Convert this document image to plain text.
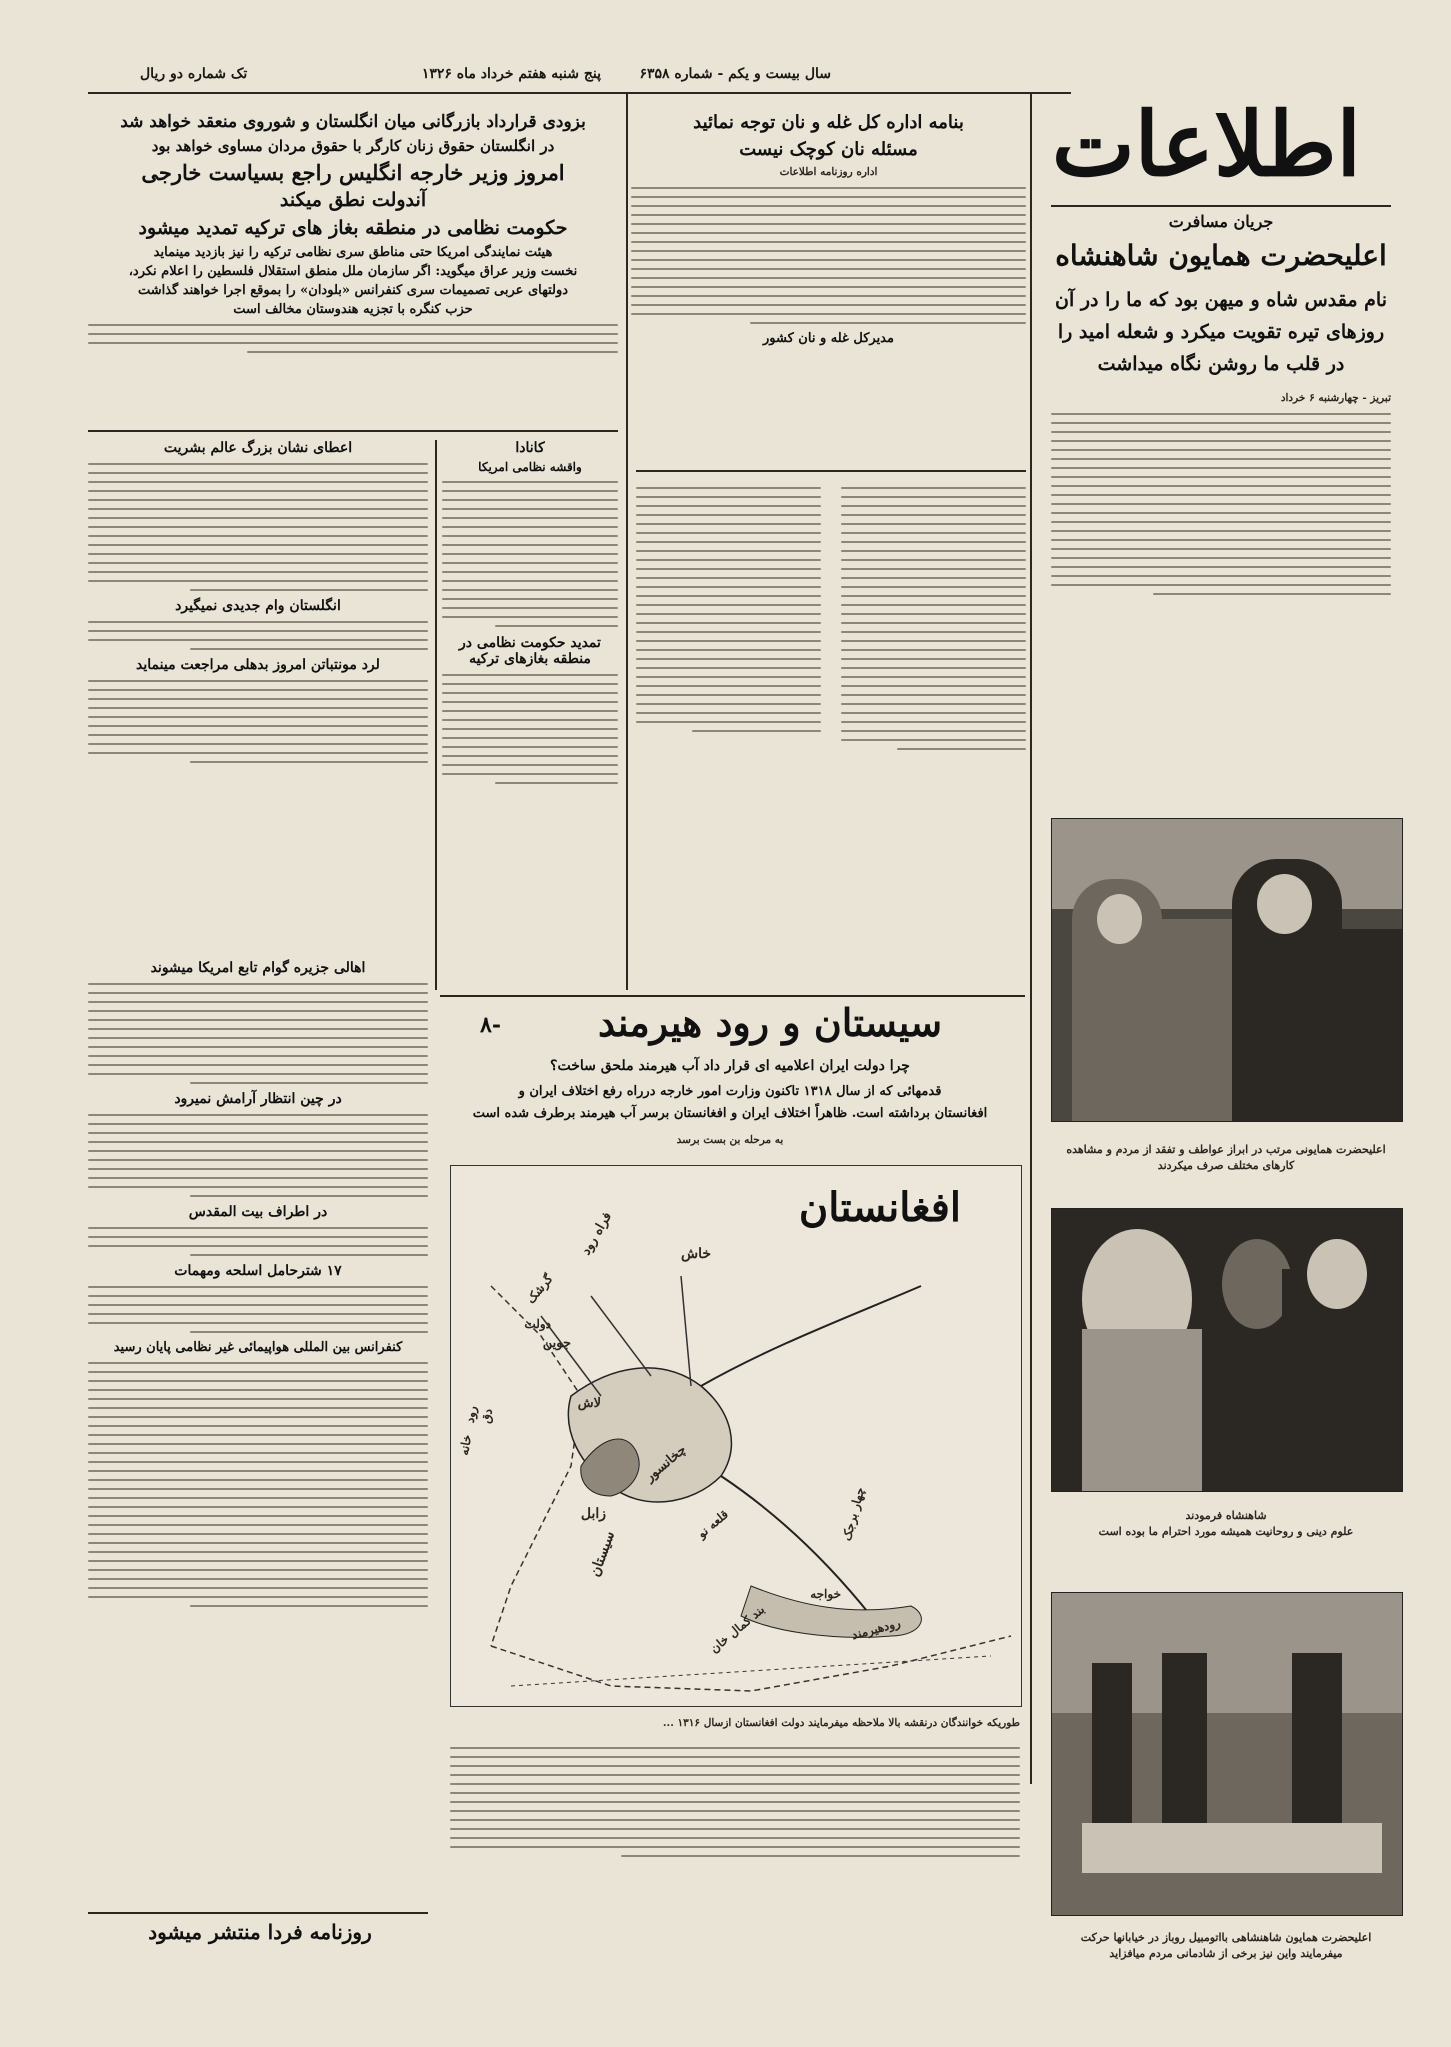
سال بیست و یکم - شماره ۶۳۵۸
پنج شنبه هفتم خرداد ماه ۱۳۲۶
تک شماره دو ریال
اطلاعات
جریان مسافرت
اعلیحضرت همایون شاهنشاه
نام مقدس شاه و میهن بود که ما را در آن روزهای تیره تقویت میکرد و شعله امید را در قلب ما روشن نگاه میداشت
تبریز - چهارشنبه ۶ خرداد
اعلیحضرت همایونی مرتب در ابراز عواطف و تفقد از مردم و مشاهده کارهای مختلف صرف میکردند
شاهنشاه فرمودند
علوم دینی و روحانیت همیشه مورد احترام ما بوده است
اعلیحضرت همایون شاهنشاهی بااتومبیل روباز در خیابانها حرکت میفرمایند واین نیز برخی از شادمانی مردم میافزاید
بنامه اداره کل غله و نان توجه نمائید
مسئله نان کوچک نیست
اداره روزنامه اطلاعات
مدیرکل غله و نان کشور
بزودی قرارداد بازرگانی میان انگلستان و شوروی منعقد خواهد شد
در انگلستان حقوق زنان کارگر با حقوق مردان مساوی خواهد بود
امروز وزیر خارجه انگلیس راجع بسیاست خارجی
آندولت نطق میکند
حکومت نظامی در منطقه بغاز های ترکیه تمدید میشود
هیئت نمایندگی امریکا حتی مناطق سری نظامی ترکیه را نیز بازدید مینماید
نخست وزیر عراق میگوید: اگر سازمان ملل منطق استقلال فلسطین را اعلام نکرد،
دولتهای عربی تصمیمات سری کنفرانس «بلودان» را بموقع اجرا خواهند گذاشت
حزب کنگره با تجزیه هندوستان مخالف است
اعطای نشان بزرگ عالم بشریت
انگلستان وام جدیدی نمیگیرد
لرد مونتباتن امروز بدهلی مراجعت مینماید
کانادا
واقشه نظامی امریکا
تمدید حکومت نظامی در منطقه بغازهای ترکیه
اهالی جزیره گوام تابع امریکا میشوند
در چین انتظار آرامش نمیرود
در اطراف بیت المقدس
۱۷ شترحامل اسلحه ومهمات
کنفرانس بین المللی هواپیمائی غیر نظامی پایان رسید
روزنامه فردا منتشر میشود
-۸	سیستان و رود هیرمند
چرا دولت ایران اعلامیه ای قرار داد آب هیرمند ملحق ساخت؟
قدمهائی که از سال ۱۳۱۸ تاکنون وزارت امور خارجه درراه رفع اختلاف ایران و
افغانستان برداشته است. ظاهراً اختلاف ایران و افغانستان برسر آب هیرمند برطرف شده است
به مرحله بن بست برسد
افغانستان
خاش
فراه رود
جوین
لاش
چخانسور
زابل
سیستان
قلعه نو
خواجه
رودهیرمند
بند کمال خان
گرشک
دولت
چهار برجک
رود خانه دق
طوریکه خوانندگان درنقشه بالا ملاحظه میفرمایند دولت افغانستان ازسال ۱۳۱۶ ...
